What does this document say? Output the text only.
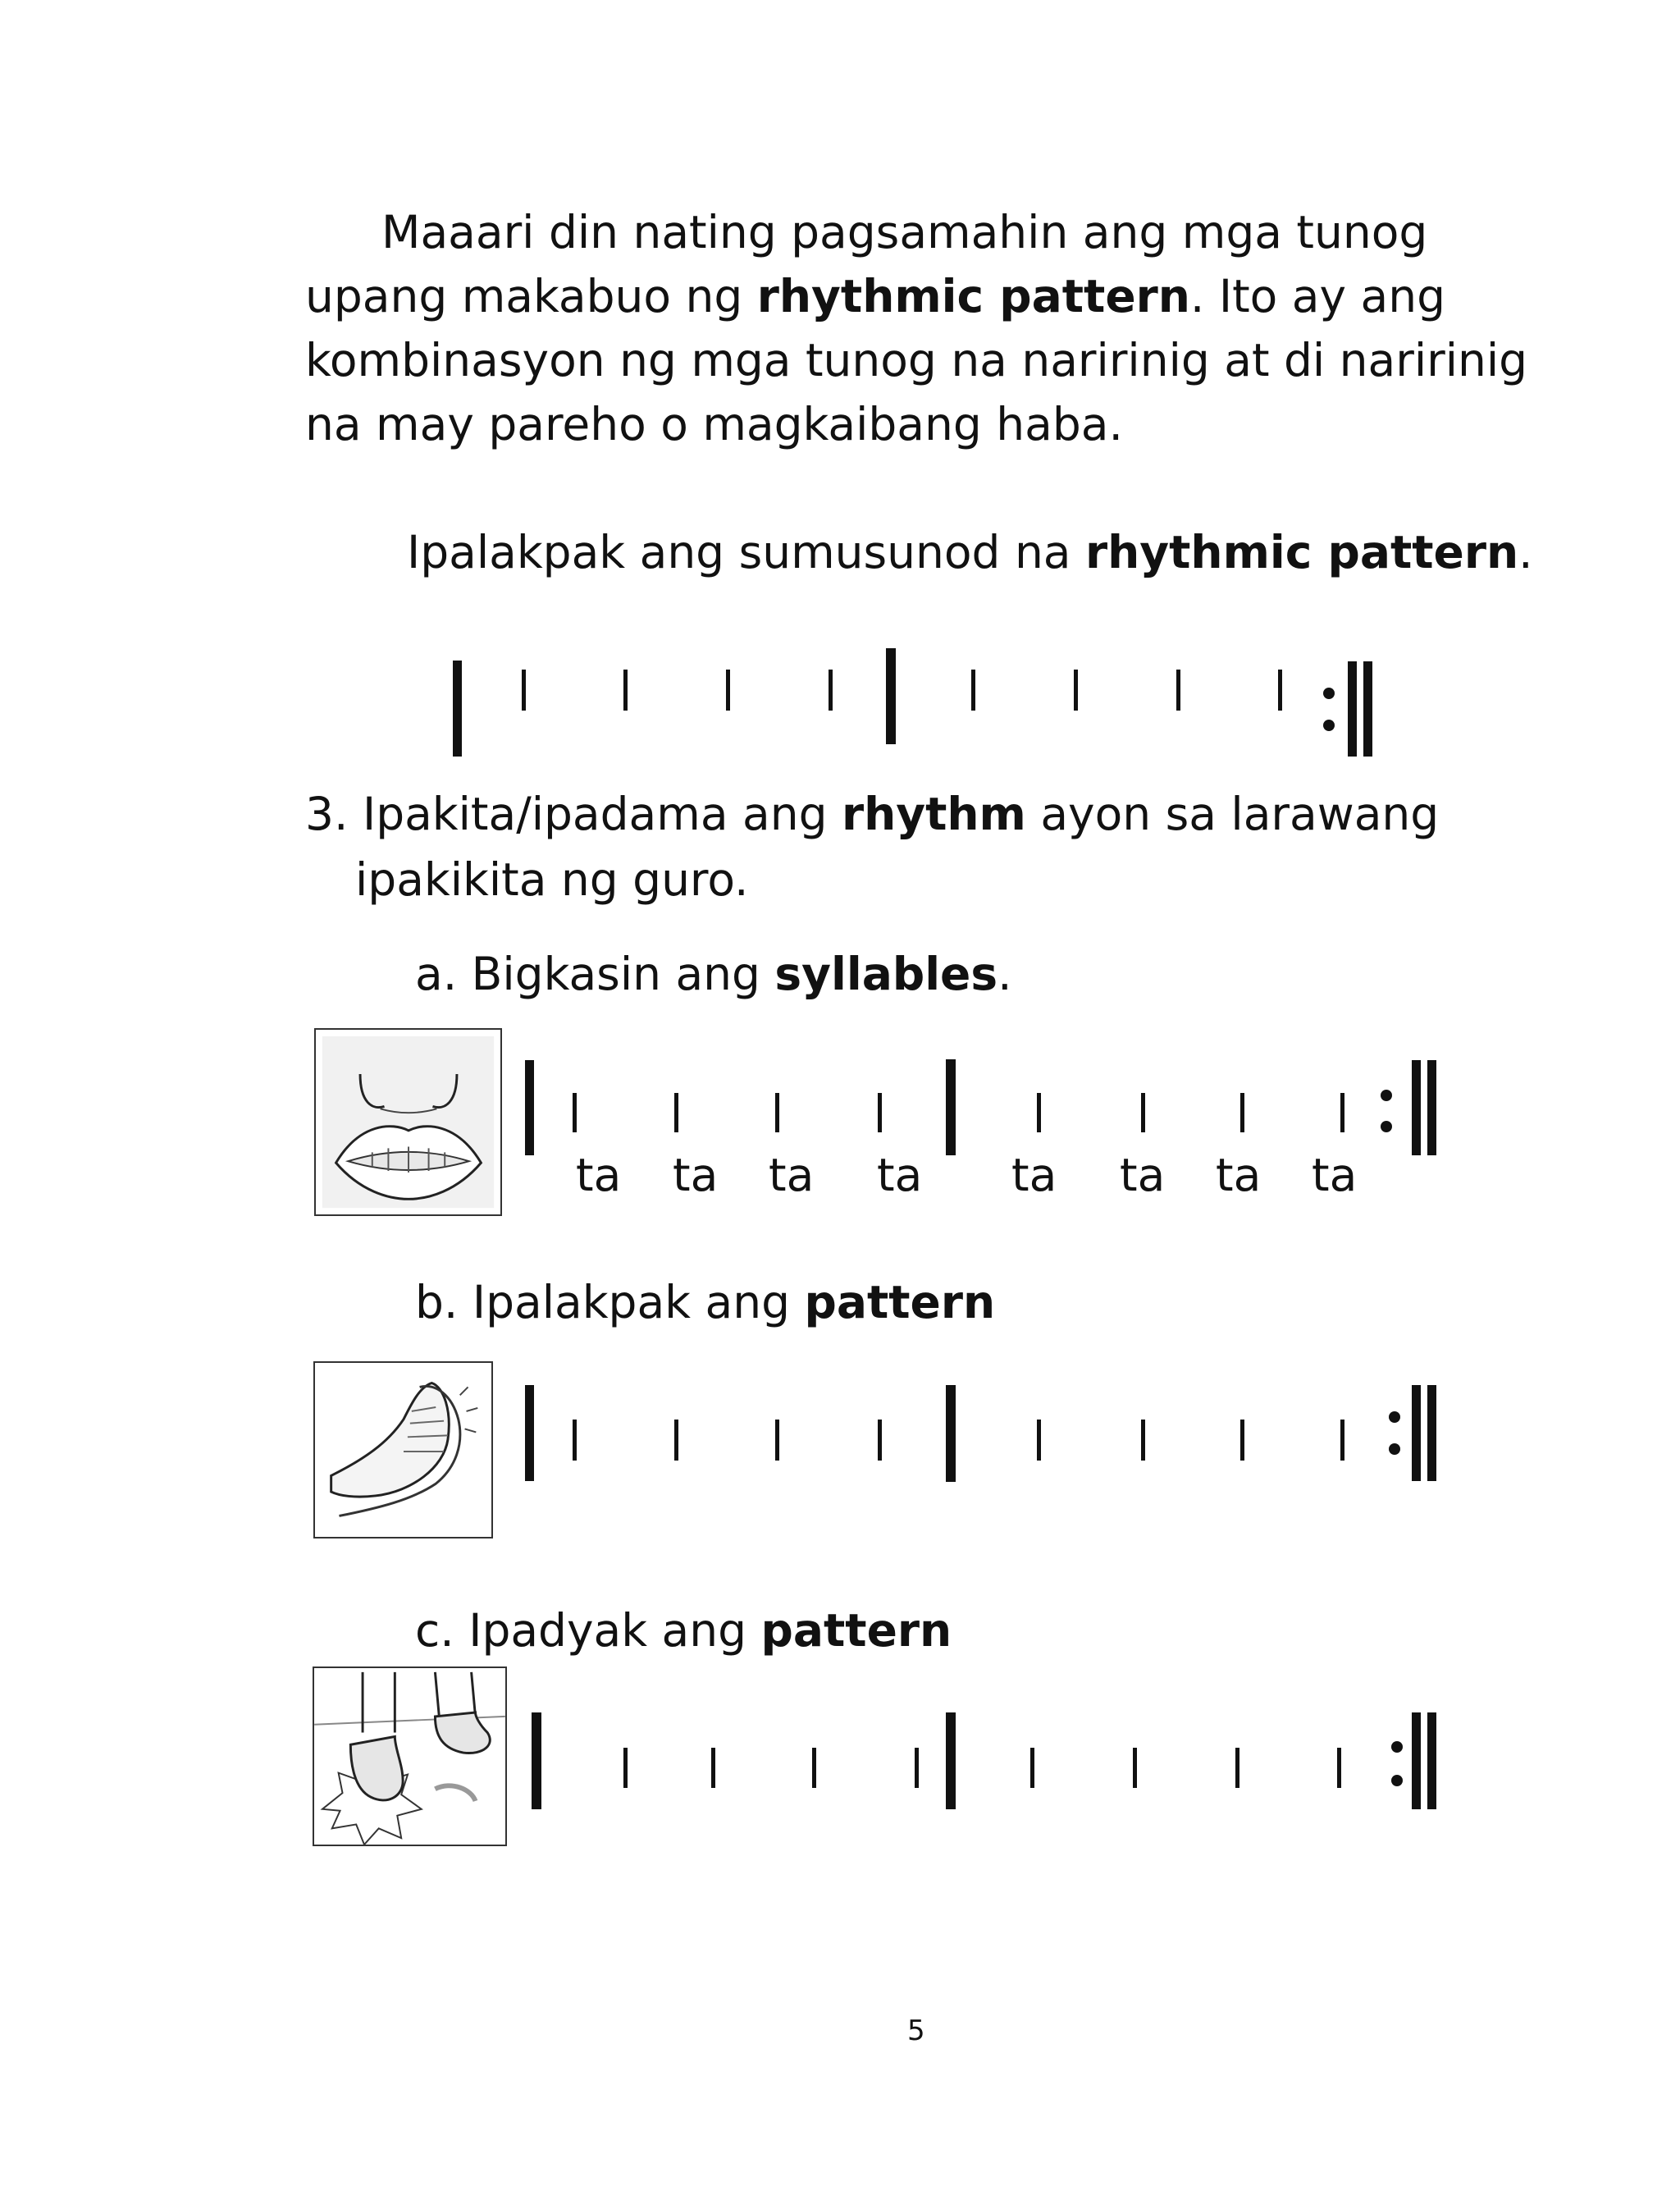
Maaari din nating pagsamahin ang mga tunog
upang makabuo ng rhythmic pattern. Ito ay ang
kombinasyon ng mga tunog na naririnig at di naririnig
na may pareho o magkaibang haba.
Ipalakpak ang sumusunod na rhythmic pattern.
3. Ipakita/ipadama ang rhythm ayon sa larawang
ipakikita ng guro.
a. Bigkasin ang syllables.
ta ta ta ta ta ta ta ta
b. Ipalakpak ang pattern
c. Ipadyak ang pattern
5
